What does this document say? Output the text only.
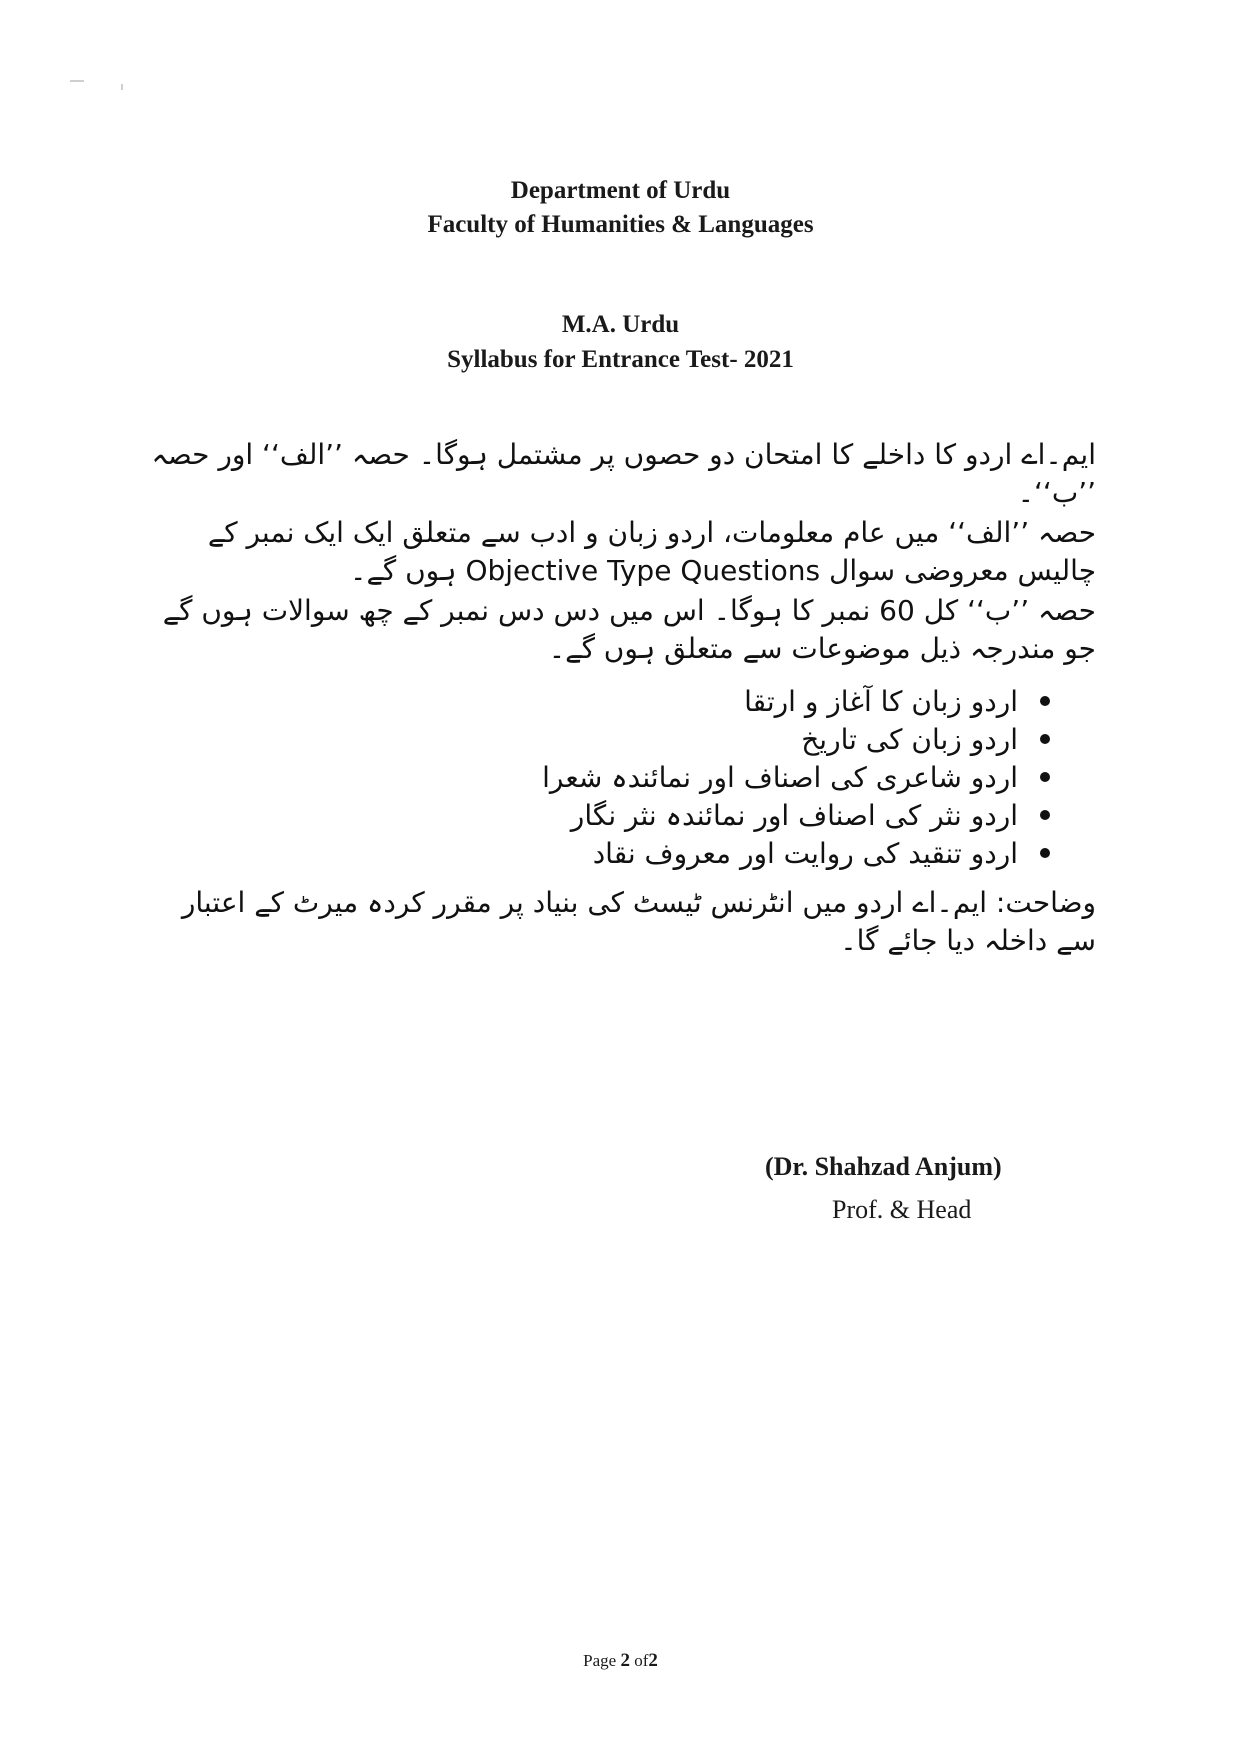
Department of Urdu
Faculty of Humanities & Languages
M.A. Urdu
Syllabus for Entrance Test- 2021
ایم۔اے اردو کا داخلے کا امتحان دو حصوں پر مشتمل ہوگا۔ حصہ ’’الف‘‘ اور حصہ ’’ب‘‘۔
حصہ ’’الف‘‘ میں عام معلومات، اردو زبان و ادب سے متعلق ایک ایک نمبر کے چالیس معروضی سوال Objective Type Questions ہوں گے۔
حصہ ’’ب‘‘ کل 60 نمبر کا ہوگا۔ اس میں دس دس نمبر کے چھ سوالات ہوں گے جو مندرجہ ذیل موضوعات سے متعلق ہوں گے۔
اردو زبان کا آغاز و ارتقا
اردو زبان کی تاریخ
اردو شاعری کی اصناف اور نمائندہ شعرا
اردو نثر کی اصناف اور نمائندہ نثر نگار
اردو تنقید کی روایت اور معروف نقاد
وضاحت: ایم۔اے اردو میں انٹرنس ٹیسٹ کی بنیاد پر مقرر کردہ میرٹ کے اعتبار سے داخلہ دیا جائے گا۔
(Dr. Shahzad Anjum)
Prof. & Head
Page 2 of2
